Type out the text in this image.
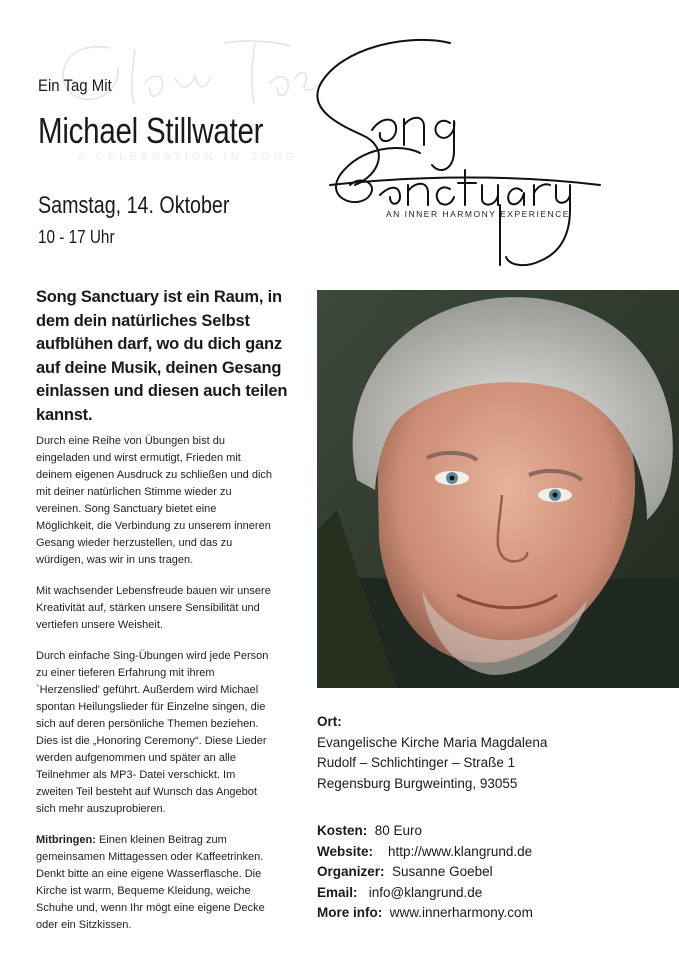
A CELEBRATION IN SONG
Ein Tag Mit
Michael Stillwater
Samstag, 14. Oktober
10 - 17 Uhr
AN INNER HARMONY EXPERIENCE
Song Sanctuary ist ein Raum, in dem dein natürliches Selbst aufblühen darf, wo du dich ganz auf deine Musik, deinen Gesang einlassen und diesen auch teilen kannst.

Durch eine Reihe von Übungen bist du eingeladen und wirst ermutigt, Frieden mit deinem eigenen Ausdruck zu schließen und dich mit deiner natürlichen Stimme wieder zu vereinen. Song Sanctuary bietet eine Möglichkeit, die Verbindung zu unserem inneren Gesang wieder herzustellen, und das zu würdigen, was wir in uns tragen.

Mit wachsender Lebensfreude bauen wir unsere Kreativität auf, stärken unsere Sensibilität und vertiefen unsere Weisheit.

Durch einfache Sing-Übungen wird jede Person zu einer tieferen Erfahrung mit ihrem `Herzenslied' geführt. Außerdem wird Michael spontan Heilungslieder für Einzelne singen, die sich auf deren persönliche Themen beziehen. Dies ist die „Honoring Ceremony“. Diese Lieder werden aufgenommen und später an alle Teilnehmer als MP3- Datei verschickt. Im zweiten Teil besteht auf Wunsch das Angebot sich mehr auszuprobieren.

Mitbringen: Einen kleinen Beitrag zum gemeinsamen Mittagessen oder Kaffeetrinken. Denkt bitte an eine eigene Wasserflasche. Die Kirche ist warm, Bequeme Kleidung, weiche Schuhe und, wenn Ihr mögt eine eigene Decke oder ein Sitzkissen.

Ort:
Evangelische Kirche Maria Magdalena
Rudolf – Schlichtinger – Straße 1
Regensburg Burgweinting, 93055
Kosten: 80 Euro
Website: http://www.klangrund.de
Organizer: Susanne Goebel
Email: info@klangrund.de
More info: www.innerharmony.com
